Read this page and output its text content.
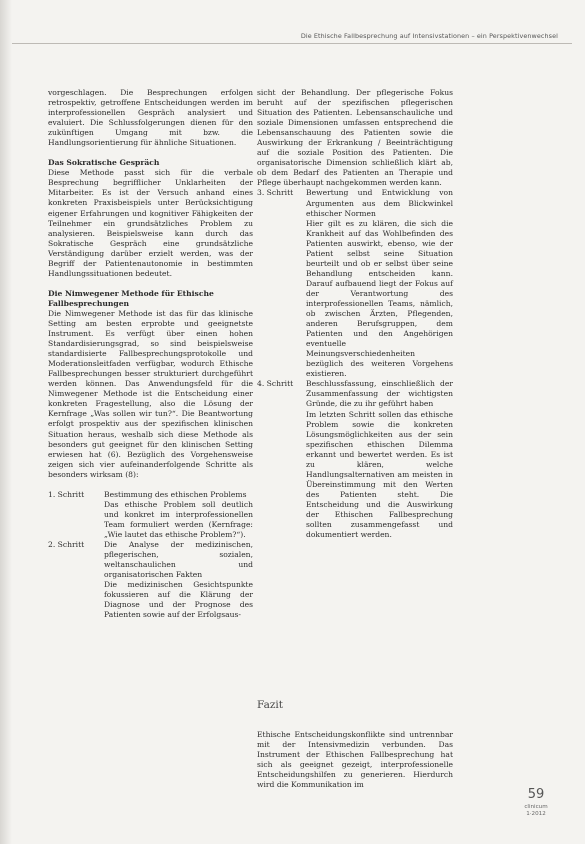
Die Ethische Fallbesprechung auf Intensivstationen – ein Perspektivenwechsel

vorgeschlagen. Die Besprechungen erfolgen retrospektiv, getroffene Entscheidungen werden im interprofessionellen Gespräch analysiert und evaluiert. Die Schlussfolgerungen dienen für den zukünftigen Umgang mit bzw. die Handlungsorientierung für ähnliche Situationen.

Das Sokratische Gespräch

Diese Methode passt sich für die verbale Besprechung begrifflicher Unklarheiten der Mitarbeiter. Es ist der Versuch anhand eines konkreten Praxisbeispiels unter Berücksichtigung eigener Erfahrungen und kognitiver Fähigkeiten der Teilnehmer ein grundsätzliches Problem zu analysieren. Beispielsweise kann durch das Sokratische Gespräch eine grundsätzliche Verständigung darüber erzielt werden, was der Begriff der Patientenautonomie in bestimmten Handlungssituationen bedeutet.

Die Nimwegener Methode für Ethische Fallbesprechungen

Die Nimwegener Methode ist das für das klinische Setting am besten erprobte und geeignetste Instrument. Es verfügt über einen hohen Standardisierungsgrad, so sind beispielsweise standardisierte Fallbesprechungsprotokolle und Moderationsleitfaden verfügbar, wodurch Ethische Fallbesprechungen besser strukturiert durchgeführt werden können. Das Anwendungsfeld für die Nimwegener Methode ist die Entscheidung einer konkreten Fragestellung, also die Lösung der Kernfrage „Was sollen wir tun?“. Die Beantwortung erfolgt prospektiv aus der spezifischen klinischen Situation heraus, weshalb sich diese Methode als besonders gut geeignet für den klinischen Setting erwiesen hat (6). Bezüglich des Vorgehensweise zeigen sich vier aufeinanderfolgende Schritte als besonders wirksam (8):

1. Schritt	Bestimmung des ethischen Problems
Das ethische Problem soll deutlich und konkret im interprofessionellen Team formuliert werden (Kernfrage: „Wie lautet das ethische Problem?“).
2. Schritt	Die Analyse der medizinischen, pflegerischen, sozialen, weltanschaulichen und organisatorischen Fakten
Die medizinischen Gesichtspunkte fokussieren auf die Klärung der Diagnose und der Prognose des Patienten sowie auf der Erfolgsaus-

sicht der Behandlung. Der pflegerische Fokus beruht auf der spezifischen pflegerischen Situation des Patienten. Lebensanschauliche und soziale Dimensionen umfassen entsprechend die Lebensanschauung des Patienten sowie die Auswirkung der Erkrankung / Beeinträchtigung auf die soziale Position des Patienten. Die organisatorische Dimension schließlich klärt ab, ob dem Bedarf des Patienten an Therapie und Pflege überhaupt nachgekommen werden kann.

3. Schritt	Bewertung und Entwicklung von Argumenten aus dem Blickwinkel ethischer Normen
Hier gilt es zu klären, die sich die Krankheit auf das Wohlbefinden des Patienten auswirkt, ebenso, wie der Patient selbst seine Situation beurteilt und ob er selbst über seine Behandlung entscheiden kann. Darauf aufbauend liegt der Fokus auf der Verantwortung des interprofessionellen Teams, nämlich, ob zwischen Ärzten, Pflegenden, anderen Berufsgruppen, dem Patienten und den Angehörigen eventuelle Meinungsverschiedenheiten bezüglich des weiteren Vorgehens existieren.
4. Schritt	Beschlussfassung, einschließlich der Zusammenfassung der wichtigsten Gründe, die zu ihr geführt haben
Im letzten Schritt sollen das ethische Problem sowie die konkreten Lösungsmöglichkeiten aus der sein spezifischen ethischen Dilemma erkannt und bewertet werden. Es ist zu klären, welche Handlungsalternativen am meisten in Übereinstimmung mit den Werten des Patienten steht. Die Entscheidung und die Auswirkung der Ethischen Fallbesprechung sollten zusammengefasst und dokumentiert werden.
Fazit

Ethische Entscheidungskonflikte sind untrennbar mit der Intensivmedizin verbunden. Das Instrument der Ethischen Fallbesprechung hat sich als geeignet gezeigt, interprofessionelle Entscheidungshilfen zu generieren. Hierdurch wird die Kommunikation im

59
clinicum
1·2012
